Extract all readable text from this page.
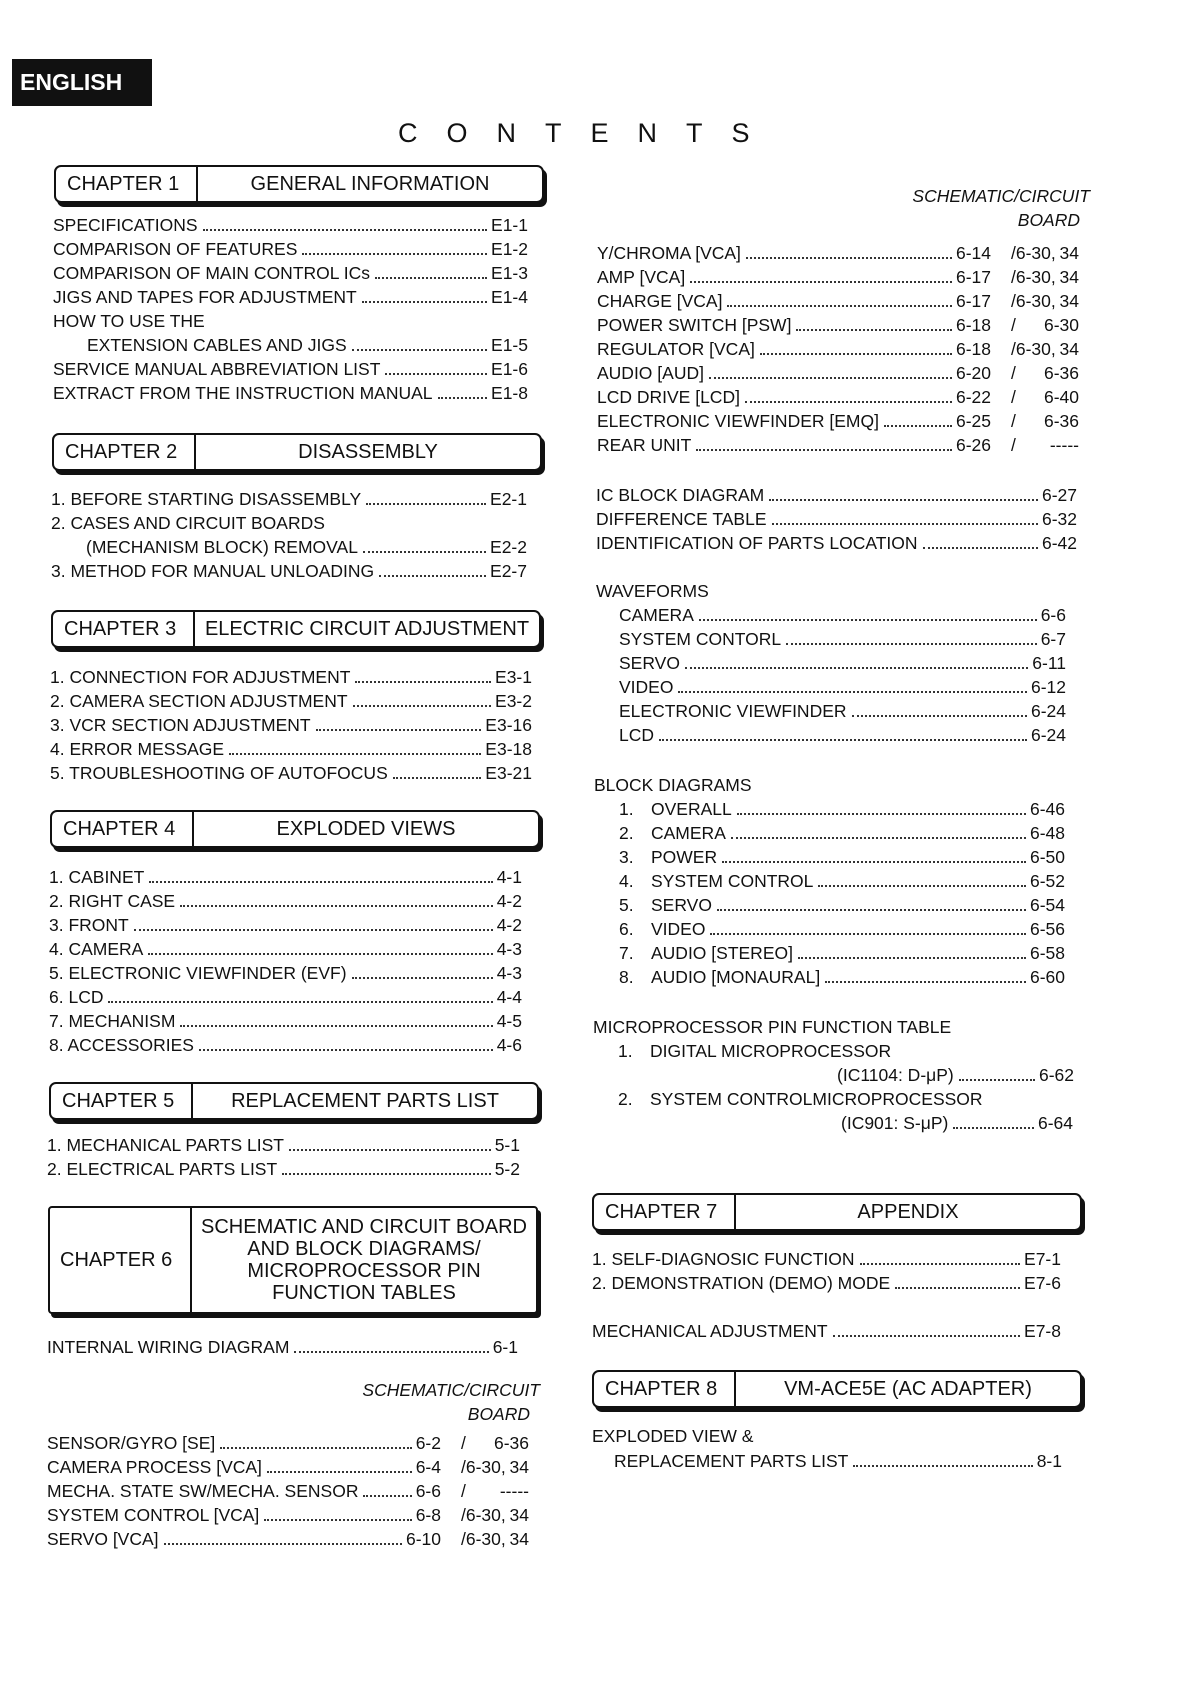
ENGLISH
CONTENTS
CHAPTER 1	GENERAL INFORMATION
SPECIFICATIONS	E1-1
COMPARISON OF FEATURES	E1-2
COMPARISON OF MAIN CONTROL ICs	E1-3
JIGS AND TAPES FOR ADJUSTMENT	E1-4
HOW TO USE THE
EXTENSION CABLES AND JIGS	E1-5
SERVICE MANUAL ABBREVIATION LIST	E1-6
EXTRACT FROM THE INSTRUCTION MANUAL	E1-8
CHAPTER 2	DISASSEMBLY
1. BEFORE STARTING DISASSEMBLY	E2-1
2. CASES AND CIRCUIT BOARDS
(MECHANISM BLOCK) REMOVAL	E2-2
3. METHOD FOR MANUAL UNLOADING	E2-7
CHAPTER 3	ELECTRIC CIRCUIT ADJUSTMENT
1. CONNECTION FOR ADJUSTMENT	E3-1
2. CAMERA SECTION ADJUSTMENT	E3-2
3. VCR SECTION ADJUSTMENT	E3-16
4. ERROR MESSAGE	E3-18
5. TROUBLESHOOTING OF AUTOFOCUS	E3-21
CHAPTER 4	EXPLODED VIEWS
1. CABINET	4-1
2. RIGHT CASE	4-2
3. FRONT	4-2
4. CAMERA	4-3
5. ELECTRONIC VIEWFINDER (EVF)	4-3
6. LCD	4-4
7. MECHANISM	4-5
8. ACCESSORIES	4-6
CHAPTER 5	REPLACEMENT PARTS LIST
1. MECHANICAL PARTS LIST	5-1
2. ELECTRICAL PARTS LIST	5-2
CHAPTER 6
SCHEMATIC AND CIRCUIT BOARD
AND BLOCK DIAGRAMS/
MICROPROCESSOR PIN
FUNCTION TABLES
INTERNAL WIRING DIAGRAM	6-1
SCHEMATIC/CIRCUIT
BOARD
SENSOR/GYRO [SE]	6-2 / 6-36
CAMERA PROCESS [VCA]	6-4 /6-30, 34
MECHA. STATE SW/MECHA. SENSOR	6-6 / -----
SYSTEM CONTROL [VCA]	6-8 /6-30, 34
SERVO [VCA]	6-10 /6-30, 34
SCHEMATIC/CIRCUIT
BOARD
Y/CHROMA [VCA]	6-14 /6-30, 34
AMP [VCA]	6-17 /6-30, 34
CHARGE [VCA]	6-17 /6-30, 34
POWER SWITCH [PSW]	6-18 / 6-30
REGULATOR [VCA]	6-18 /6-30, 34
AUDIO [AUD]	6-20 / 6-36
LCD DRIVE [LCD]	6-22 / 6-40
ELECTRONIC VIEWFINDER [EMQ]	6-25 / 6-36
REAR UNIT	6-26 / -----
IC BLOCK DIAGRAM	6-27
DIFFERENCE TABLE	6-32
IDENTIFICATION OF PARTS LOCATION	6-42
WAVEFORMS
CAMERA	6-6
SYSTEM CONTORL	6-7
SERVO	6-11
VIDEO	6-12
ELECTRONIC VIEWFINDER	6-24
LCD	6-24
BLOCK DIAGRAMS
1. OVERALL	6-46
2. CAMERA	6-48
3. POWER	6-50
4. SYSTEM CONTROL	6-52
5. SERVO	6-54
6. VIDEO	6-56
7. AUDIO [STEREO]	6-58
8. AUDIO [MONAURAL]	6-60
MICROPROCESSOR PIN FUNCTION TABLE
1. DIGITAL MICROPROCESSOR
(IC1104: D-μP)	6-62
2. SYSTEM CONTROLMICROPROCESSOR
(IC901: S-μP)	6-64
CHAPTER 7	APPENDIX
1. SELF-DIAGNOSIC FUNCTION	E7-1
2. DEMONSTRATION (DEMO) MODE	E7-6
MECHANICAL ADJUSTMENT	E7-8
CHAPTER 8	VM-ACE5E (AC ADAPTER)
EXPLODED VIEW &
REPLACEMENT PARTS LIST	8-1
